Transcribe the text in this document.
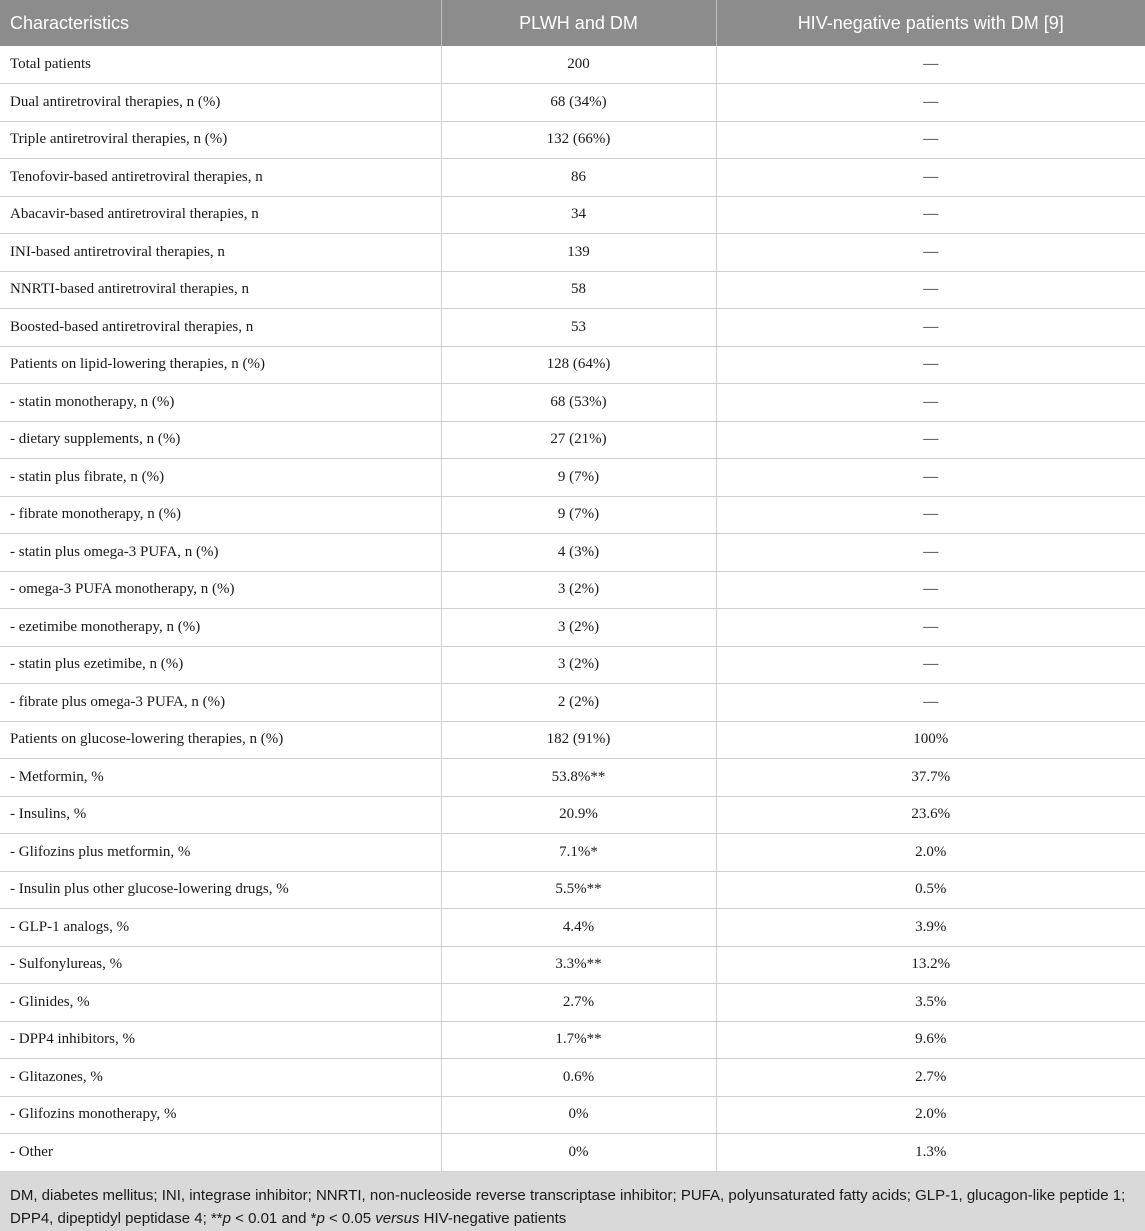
Characteristics	PLWH and DM	HIV-negative patients with DM [9]
Total patients	200	—
Dual antiretroviral therapies, n (%)	68 (34%)	—
Triple antiretroviral therapies, n (%)	132 (66%)	—
Tenofovir-based antiretroviral therapies, n	86	—
Abacavir-based antiretroviral therapies, n	34	—
INI-based antiretroviral therapies, n	139	—
NNRTI-based antiretroviral therapies, n	58	—
Boosted-based antiretroviral therapies, n	53	—
Patients on lipid-lowering therapies, n (%)	128 (64%)	—
- statin monotherapy, n (%)	68 (53%)	—
- dietary supplements, n (%)	27 (21%)	—
- statin plus fibrate, n (%)	9 (7%)	—
- fibrate monotherapy, n (%)	9 (7%)	—
- statin plus omega-3 PUFA, n (%)	4 (3%)	—
- omega-3 PUFA monotherapy, n (%)	3 (2%)	—
- ezetimibe monotherapy, n (%)	3 (2%)	—
- statin plus ezetimibe, n (%)	3 (2%)	—
- fibrate plus omega-3 PUFA, n (%)	2 (2%)	—
Patients on glucose-lowering therapies, n (%)	182 (91%)	100%
- Metformin, %	53.8%**	37.7%
- Insulins, %	20.9%	23.6%
- Glifozins plus metformin, %	7.1%*	2.0%
- Insulin plus other glucose-lowering drugs, %	5.5%**	0.5%
- GLP-1 analogs, %	4.4%	3.9%
- Sulfonylureas, %	3.3%**	13.2%
- Glinides, %	2.7%	3.5%
- DPP4 inhibitors, %	1.7%**	9.6%
- Glitazones, %	0.6%	2.7%
- Glifozins monotherapy, %	0%	2.0%
- Other	0%	1.3%
DM, diabetes mellitus; INI, integrase inhibitor; NNRTI, non-nucleoside reverse transcriptase inhibitor; PUFA, polyunsaturated fatty acids; GLP-1, glucagon-like peptide 1; DPP4, dipeptidyl peptidase 4; **p < 0.01 and *p < 0.05 versus HIV-negative patients
